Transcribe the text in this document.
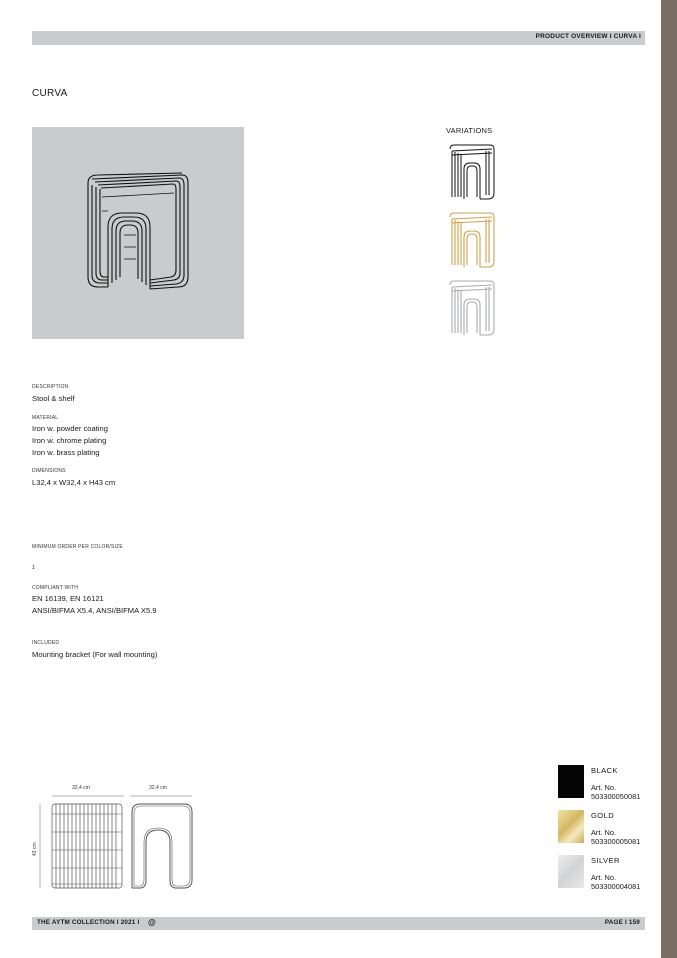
PRODUCT OVERVIEW I CURVA I
CURVA
VARIATIONS
DESCRIPTION
Stool & shelf
MATERIAL
Iron w. powder coating
Iron w. chrome plating
Iron w. brass plating
DIMENSIONS
L32,4 x W32,4 x H43 cm
MINIMUM ORDER PER COLOR/SIZE
1
COMPLIANT WITH
EN 16139, EN 16121
ANSI/BIFMA X5.4, ANSI/BIFMA X5.9
INCLUDED
Mounting bracket (For wall mounting)
32,4 cm	32,4 cm
43 cm
BLACK
Art. No.
503300050081
GOLD
Art. No.
503300005081
SILVER
Art. No.
503300004081
THE AYTM COLLECTION I 2021 I @	PAGE I 159
